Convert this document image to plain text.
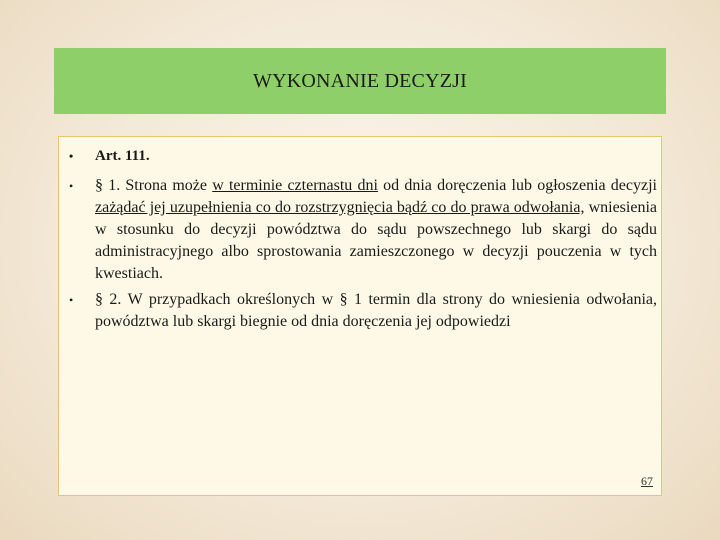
WYKONANIE DECYZJI
•	Art. 111.
•	§ 1. Strona może w terminie czternastu dni od dnia doręczenia lub ogłoszenia decyzji zażądać jej uzupełnienia co do rozstrzygnięcia bądź co do prawa odwołania, wniesienia w stosunku do decyzji powództwa do sądu powszechnego lub skargi do sądu administracyjnego albo sprostowania zamieszczonego w decyzji pouczenia w tych kwestiach.
•	§ 2. W przypadkach określonych w § 1 termin dla strony do wniesienia odwołania, powództwa lub skargi biegnie od dnia doręczenia jej odpowiedzi
67
